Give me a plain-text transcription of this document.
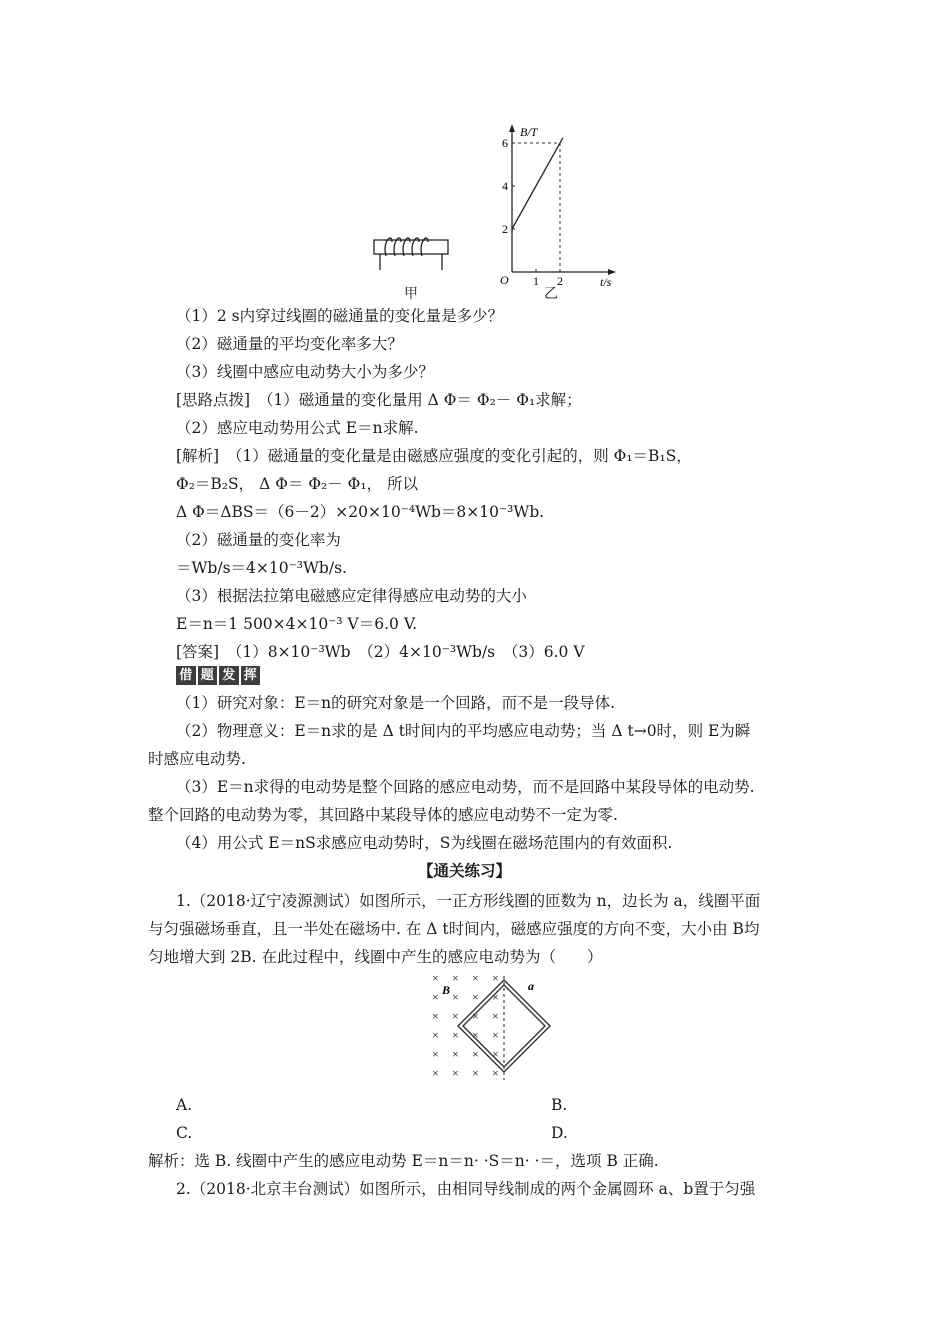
甲
B/T
t/s
O
2
4
6
1 2
乙
（1）2 s内穿过线圈的磁通量的变化量是多少？
（2）磁通量的平均变化率多大？
（3）线圈中感应电动势大小为多少？
[思路点拨]　（1）磁通量的变化量用 Δ Φ＝ Φ₂－ Φ₁求解；
（2）感应电动势用公式 E＝n求解.
[解析]　（1）磁通量的变化量是由磁感应强度的变化引起的，则 Φ₁＝B₁S，
Φ₂＝B₂S， Δ Φ＝ Φ₂－ Φ₁， 所以
Δ Φ＝ΔBS＝（6－2）×20×10⁻⁴Wb＝8×10⁻³Wb.
（2）磁通量的变化率为
＝Wb/s＝4×10⁻³Wb/s.
（3）根据法拉第电磁感应定律得感应电动势的大小
E＝n＝1 500×4×10⁻³ V＝6.0 V.
[答案]　（1）8×10⁻³Wb　（2）4×10⁻³Wb/s　（3）6.0 V
借 题 发 挥
（1）研究对象：E＝n的研究对象是一个回路，而不是一段导体.
（2）物理意义：E＝n求的是 Δ t时间内的平均感应电动势；当 Δ t→0时，则 E为瞬
时感应电动势.
（3）E＝n求得的电动势是整个回路的感应电动势，而不是回路中某段导体的电动势.
整个回路的电动势为零，其回路中某段导体的感应电动势不一定为零.
（4）用公式 E＝nS求感应电动势时，S为线圈在磁场范围内的有效面积.
【通关练习】
1.（2018·辽宁凌源测试）如图所示，一正方形线圈的匝数为 n，边长为 a，线圈平面
与匀强磁场垂直，且一半处在磁场中. 在 Δ t时间内，磁感应强度的方向不变，大小由 B均
匀地增大到 2B. 在此过程中，线圈中产生的感应电动势为（　　）
× × × ×
× × × ×
× × × ×
× × × ×
× × × ×
× × × ×
B	a
A.	B.
C.	D.
解析：选 B. 线圈中产生的感应电动势 E＝n＝n· ·S＝n· ·＝，选项 B 正确.
2.（2018·北京丰台测试）如图所示，由相同导线制成的两个金属圆环 a、b置于匀强
